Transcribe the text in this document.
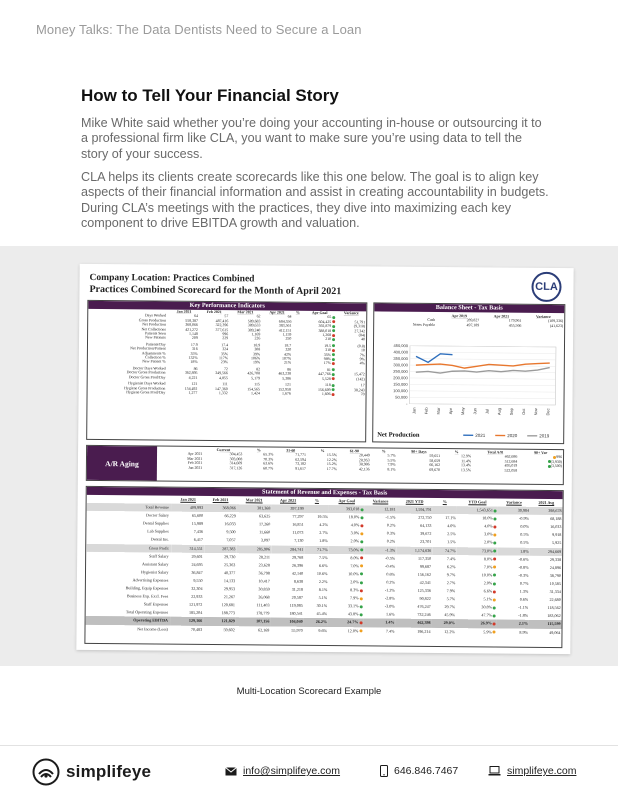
Money Talks: The Data Dentists Need to Secure a Loan
How to Tell Your Financial Story

Mike White said whether you’re doing your accounting in-house or outsourcing it to a professional firm like CLA, you want to make sure you’re using data to tell the story of your success.

CLA helps its clients create scorecards like this one below. The goal is to align key aspects of their financial information and assist in creating accountability in budgets. During CLA’s meetings with the practices, they dive into maximizing each key component to drive EBITDA growth and valuation.

Company Location: Practices Combined
Practices Combined Scorecard for the Month of April 2021	CLA
Key Performance Indicators
	Jan 2021	Feb 2021	Mar 2021	Apr 2021	%	Apr Goal	Variance
Days Worked	64	57	62	64		65	
Gross Production	558,387	487,416	589,683	684,556		604,425	51,791
Net Production	368,066	322,396	389,633	383,561		392,879	(9,318)
Net Collections	421,272	377,615	389,240	412,151		388,018	27,342
Patients Seen	1,148	996	1,169	1,159		1,268	(84)
New Patients	209	229	226	250		210	40
Patients/Day	17.9	17.4	18.9	18.7		19.5	(0.8)
Net Production/Patient	316	324	308	320		310	10
Adjustments %	35%	35%	39%	42%		35%	7%
Collection %	132%	117%	106%	107%		98%	9%
New Patient %	18%	23%	19%	21%		17%	4%
Doctor Days Worked	86	72	82	86		81	
Doctor Gross Production	362,895	349,566	426,708	463,238		447,766	15,472
Doctor Gross Prod/Day	4,221	4,855	5,179	5,386		5,528	(142)
Hygienist Days Worked	121	111	115	121		118	17
Hygiene Gross Production	154,492	147,360	154,565	152,958		156,609	38,243
Hygiene Gross Prod/Day	1,277	1,332	1,424	1,676		1,606	70
Balance Sheet - Tax Basis
	Apr 2019	Apr 2021	Variance
Cash	289,827	179,961	(109,336)
Notes Payable	497,189	455,566	(41,623)
450,000
400,000
350,000
300,000
250,000
200,000
150,000
100,000
50,000
-
Jan Feb Mar Apr May Jun Jul Aug Sep Oct Nov Dec
Net Production	2021	2020	2019
A/R Aging
	Current	%	31-60	%	61-90	%	90+ Days	%	Total A/R	90+ Var
Apr 2021	304,453	65.3%	71,771	15.5%	20,449	5.7%	59,651	12.9%	462,686	996
Mar 2021	303,008	70.3%	62,594	12.2%	28,953	5.5%	58,659	11.4%	512,684	(3,930)
Feb 2021	314,609	63.6%	73,182	15.2%	38,986	7.9%	66,162	13.4%	495,019	(3,500)
Jan 2021	317,126	60.7%	91,617	17.7%	42,136	8.1%	69,670	13.5%	522,058	
Statement of Revenue and Expenses - Tax Basis
	Jan 2021	Feb 2021	Mar 2021	Apr 2021	%	Apr Goal	Variance	2021 YTD	%	YTD Goal	Variance	2021 Avg
Total Revenue	409,993	368,066	381,368	397,199		393,018	12,181	1,594,791		1,543,651	30,984	398,678
Doctor Salary	65,600	66,229	63,625	77,297	19.5%	18.0%	-1.5%	272,750	17.1%	18.0%	-0.9%	68,188
Dental Supplies	15,989	16,033	17,260	16,851	4.2%	4.0%	0.2%	64,133	4.0%	4.0%	0.0%	16,033
Lab Supplies	7,436	9,500	11,660	11,073	2.7%	3.0%	0.3%	39,672	2.5%	3.0%	0.5%	9,918
Dental Ins.	6,417	7,057	3,097	7,130	1.8%	2.0%	0.2%	23,701	1.5%	2.0%	0.5%	5,925
Gross Profit	314,551	287,383	285,906	284,741	71.7%	73.0%	-1.3%	1,174,636	74.7%	73.0%	1.8%	294,669
Staff Salary	29,601	29,730	28,211	29,768	7.5%	8.0%	-0.5%	117,350	7.4%	8.0%	-0.6%	29,338
Assistant Salary	24,695	25,363	23,628	26,396	6.6%	7.0%	-0.4%	99,687	6.2%	7.0%	-0.8%	24,896
Hygienist Salary	36,847	40,377	36,798	42,140	10.6%	10.0%	0.6%	156,162	9.7%	10.0%	-0.3%	38,790
Advertising Expenses	9,550	14,133	10,417	8,638	2.2%	2.0%	0.2%	42,341	2.7%	2.0%	0.7%	10,585
Building, Equip Expenses	32,304	29,953	30,859	31,218	8.1%	8.3%	-1.2%	125,336	7.9%	6.6%	1.3%	31,334
Business Exp. Excl. Fees	22,933	21,267	26,068	20,587	5.1%	7.9%	-2.8%	90,822	5.7%	5.1%	0.6%	22,680
Staff Expenses	121,972	120,681	111,403	119,085	30.1%	33.1%	-3.0%	476,247	29.7%	30.8%	-1.1%	118,562
Total Operating Expenses	185,204	188,773	178,779	180,541	45.4%	43.8%	1.6%	732,246	45.9%	47.7%	-1.8%	183,062
Operating EBITDA	129,166	121,829	107,156	104,040	26.2%	24.7%	1.4%	462,398	29.0%	26.9%	2.1%	115,599
Net Income (Loss)	70,483	59,602	62,169	55,970	9.6%	12.0%	7.4%	196,214	12.2%	5.9%	8.9%	49,064
Multi-Location Scorecard Example
simplifeye	info@simplifeye.com	646.846.7467	simplifeye.com
